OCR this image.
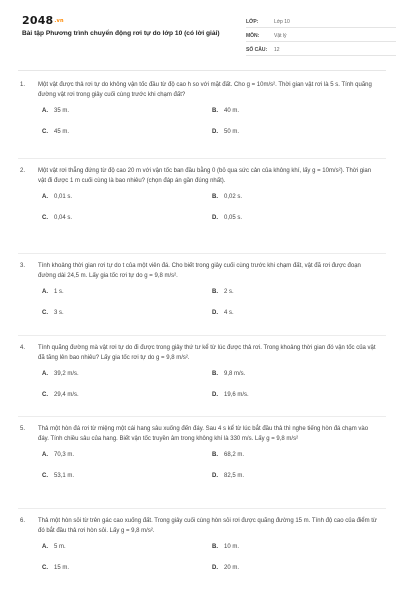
2048.vn
Bài tập Phương trình chuyển động rơi tự do lớp 10 (có lời giải)
LỚP:	Lớp 10
MÔN:	Vật lý
SỐ CÂU:	12
1.	Một vật được thả rơi tự do không vận tốc đầu từ độ cao h so với mặt đất. Cho g = 10m/s². Thời gian vật rơi là 5 s. Tính quãng đường vật rơi trong giây cuối cùng trước khi chạm đất?
A. 35 m.	B. 40 m.
C. 45 m.	D. 50 m.
2.	Một vật rơi thẳng đứng từ độ cao 20 m với vận tốc ban đầu bằng 0 (bỏ qua sức cản của không khí, lấy g = 10m/s²). Thời gian vật đi được 1 m cuối cùng là bao nhiêu? (chọn đáp án gần đúng nhất).
A. 0,01 s.	B. 0,02 s.
C. 0,04 s.	D. 0,05 s.
3.	Tính khoảng thời gian rơi tự do t của một viên đá. Cho biết trong giây cuối cùng trước khi chạm đất, vật đã rơi được đoạn đường dài 24,5 m. Lấy gia tốc rơi tự do g = 9,8 m/s².
A. 1 s.	B. 2 s.
C. 3 s.	D. 4 s.
4.	Tính quãng đường mà vật rơi tự do đi được trong giây thứ tư kể từ lúc được thả rơi. Trong khoảng thời gian đó vận tốc của vật đã tăng lên bao nhiêu? Lấy gia tốc rơi tự do g = 9,8 m/s².
A. 39,2 m/s.	B. 9,8 m/s.
C. 29,4 m/s.	D. 19,6 m/s.
5.	Thả một hòn đá rơi từ miệng một cái hang sâu xuống đến đáy. Sau 4 s kể từ lúc bắt đầu thả thì nghe tiếng hòn đá chạm vào đáy. Tính chiều sâu của hang. Biết vận tốc truyền âm trong không khí là 330 m/s. Lấy g = 9,8 m/s²
A. 70,3 m.	B. 68,2 m.
C. 53,1 m.	D. 82,5 m.
6.	Thả một hòn sỏi từ trên gác cao xuống đất. Trong giây cuối cùng hòn sỏi rơi được quãng đường 15 m. Tính độ cao của điểm từ đó bắt đầu thả rơi hòn sỏi. Lấy g = 9,8 m/s².
A. 5 m.	B. 10 m.
C. 15 m.	D. 20 m.
